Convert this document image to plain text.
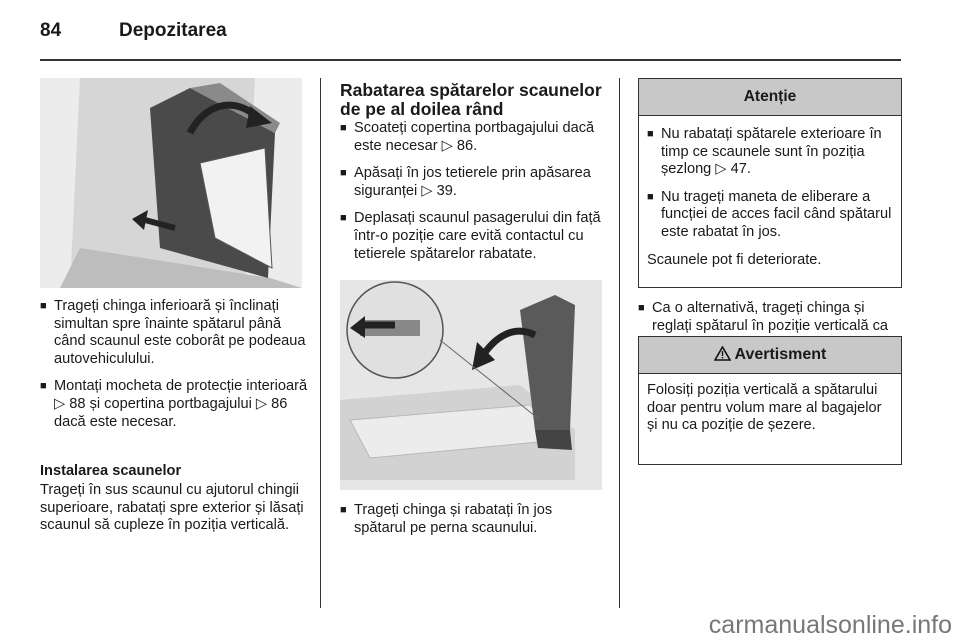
84	Depozitarea
■ Trageți chinga inferioară și înclinați simultan spre înainte spătarul până când scaunul este coborât pe podeaua autovehiculului.
■ Montați mocheta de protecție interioară ▷ 88 și copertina portbagajului ▷ 86 dacă este necesar.
Instalarea scaunelor
Trageți în sus scaunul cu ajutorul chingii superioare, rabatați spre exterior și lăsați scaunul să cupleze în poziția verticală.
Rabatarea spătarelor scaunelor de pe al doilea rând
■ Scoateți copertina portbagajului dacă este necesar ▷ 86.
■ Apăsați în jos tetierele prin apăsarea siguranței ▷ 39.
■ Deplasați scaunul pasagerului din față într-o poziție care evită contactul cu tetierele spătarelor rabatate.
■ Trageți chinga și rabatați în jos spătarul pe perna scaunului.
Atenție
■ Nu rabatați spătarele exterioare în timp ce scaunele sunt în poziția șezlong ▷ 47.
■ Nu trageți maneta de eliberare a funcției de acces facil când spătarul este rabatat în jos.
Scaunele pot fi deteriorate.
■ Ca o alternativă, trageți chinga și reglați spătarul în poziție verticală ca
Avertisment
Folosiți poziția verticală a spătarului doar pentru volum mare al bagajelor și nu ca poziție de șezere.
carmanualsonline.info
